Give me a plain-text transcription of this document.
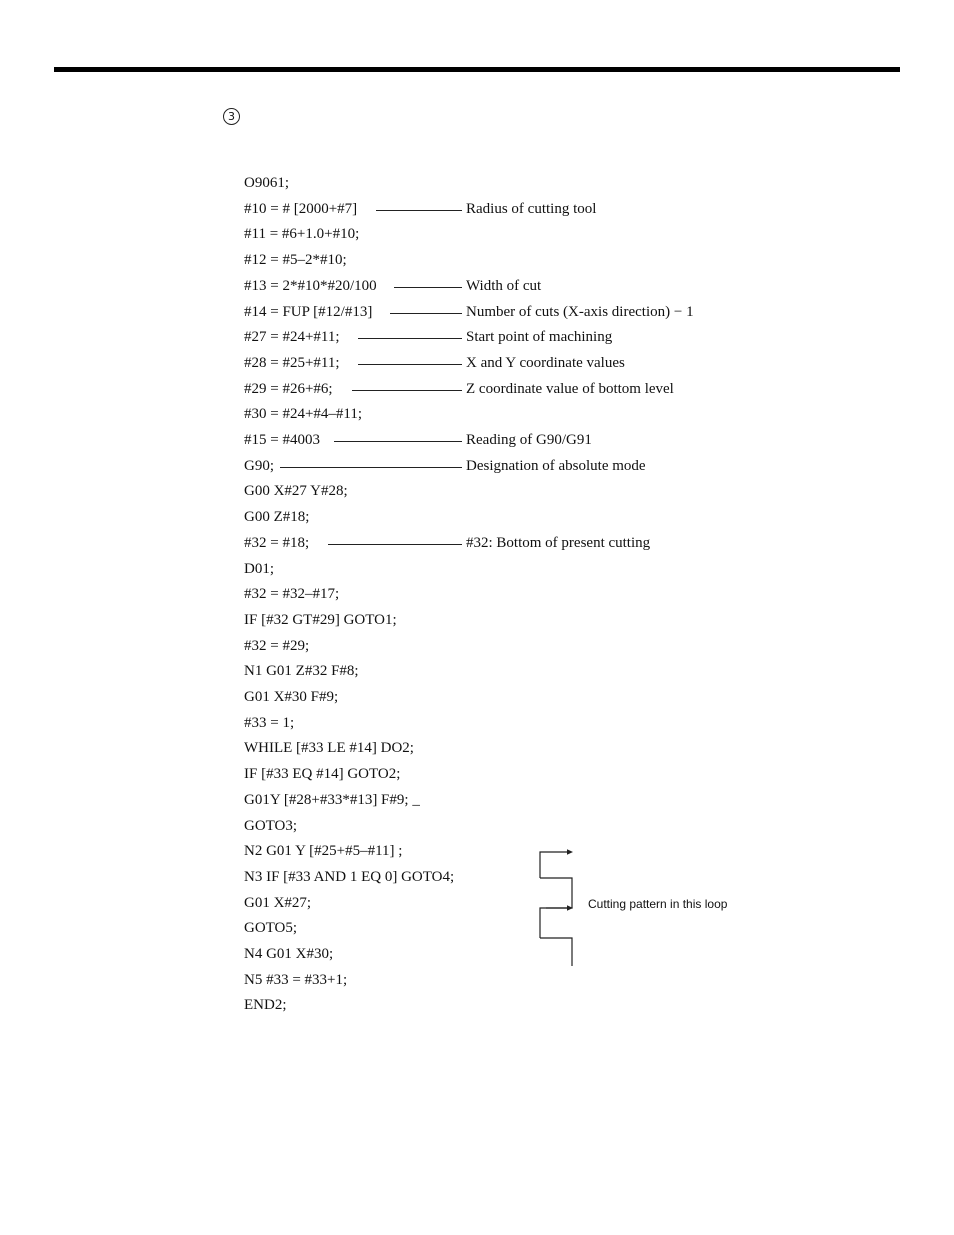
3
O9061;
#10 = # [2000+#7]
#11 = #6+1.0+#10;
#12 = #5–2*#10;
#13 = 2*#10*#20/100
#14 = FUP [#12/#13]
#27 = #24+#11;
#28 = #25+#11;
#29 = #26+#6;
#30 = #24+#4–#11;
#15 = #4003
G90;
G00 X#27 Y#28;
G00 Z#18;
#32 = #18;
D01;
#32 = #32–#17;
IF [#32 GT#29] GOTO1;
#32 = #29;
N1 G01 Z#32 F#8;
G01 X#30 F#9;
#33 = 1;
WHILE [#33 LE #14] DO2;
IF [#33 EQ #14] GOTO2;
G01Y [#28+#33*#13] F#9; _
GOTO3;
N2 G01 Y [#25+#5–#11] ;
N3 IF [#33 AND 1 EQ 0] GOTO4;
G01 X#27;
GOTO5;
N4 G01 X#30;
N5 #33 = #33+1;
END2;
Radius of cutting tool
Width of cut
Number of cuts (X-axis direction) − 1
Start point of machining
X and Y coordinate values
Z coordinate value of bottom level
Reading of G90/G91
Designation of absolute mode
#32: Bottom of present cutting
Cutting pattern in this loop
